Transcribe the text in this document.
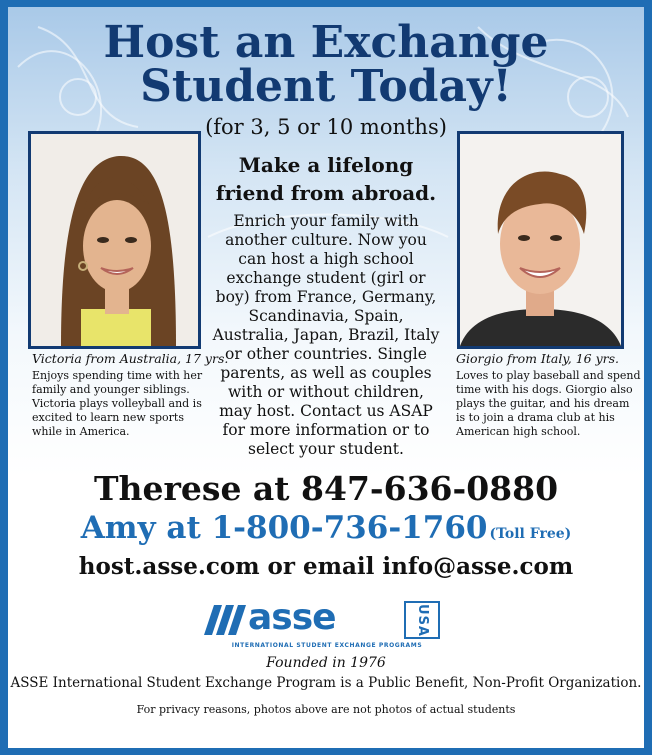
Host an Exchange
Student Today!
(for 3, 5 or 10 months)
Make a lifelong
friend from abroad.
Enrich your family with
another culture. Now you
can host a high school
exchange student (girl or
boy) from France, Germany,
Scandinavia, Spain,
Australia, Japan, Brazil, Italy
or other countries. Single
parents, as well as couples
with or without children,
may host. Contact us ASAP
for more information or to
select your student.
Victoria from Australia, 17 yrs.
Enjoys spending time with her
family and younger siblings.
Victoria plays volleyball and is
excited to learn new sports
while in America.
Giorgio from Italy, 16 yrs.
Loves to play baseball and spend
time with his dogs. Giorgio also
plays the guitar, and his dream
is to join a drama club at his
American high school.
Therese at 847-636-0880
Amy at 1-800-736-1760 (Toll Free)
host.asse.com or email info@asse.com
asse	USA
INTERNATIONAL STUDENT EXCHANGE PROGRAMS
Founded in 1976
ASSE International Student Exchange Program is a Public Benefit, Non-Profit Organization.
For privacy reasons, photos above are not photos of actual students
